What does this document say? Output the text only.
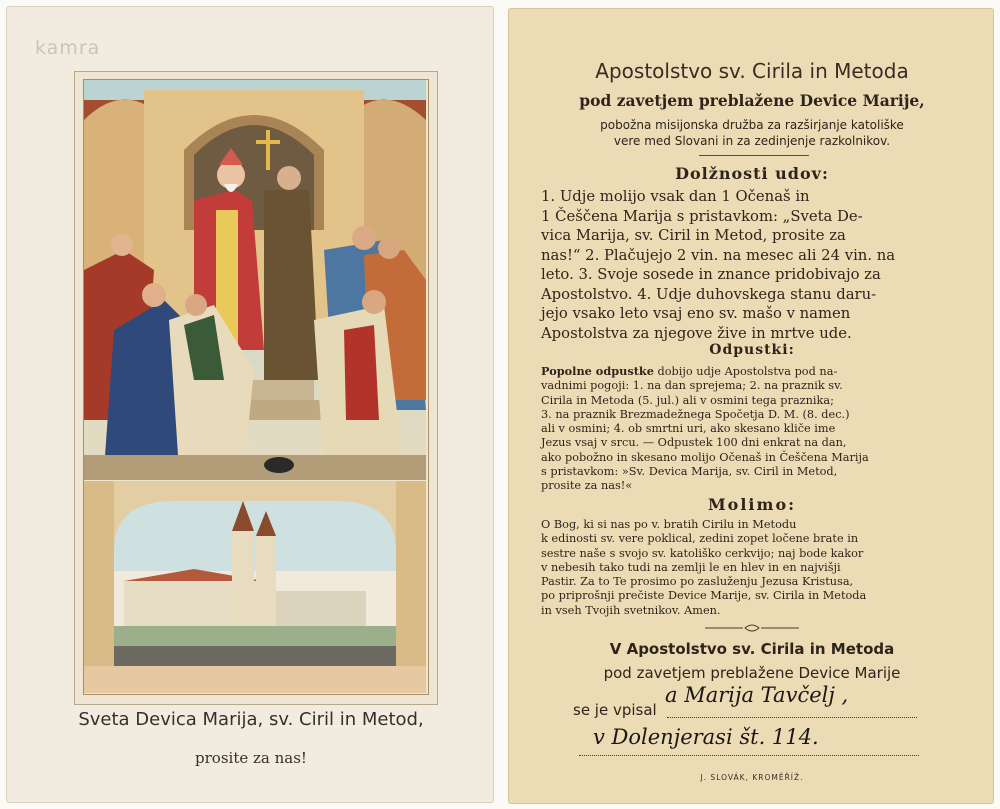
kamra
Sveta Devica Marija, sv. Ciril in Metod,
prosite za nas!
Apostolstvo sv. Cirila in Metoda
pod zavetjem preblažene Device Marije,
pobožna misijonska družba za razširjanje katoliške
vere med Slovani in za zedinjenje razkolnikov.
Dolžnosti udov:
1. Udje molijo vsak dan 1 Očenaš in
1 Češčena Marija s pristavkom: „Sveta De-
vica Marija, sv. Ciril in Metod, prosite za
nas!“ 2. Plačujejo 2 vin. na mesec ali 24 vin. na
leto. 3. Svoje sosede in znance pridobivajo za
Apostolstvo. 4. Udje duhovskega stanu daru-
jejo vsako leto vsaj eno sv. mašo v namen
Apostolstva za njegove žive in mrtve ude.
Odpustki:
Popolne odpustke dobijo udje Apostolstva pod na-
vadnimi pogoji: 1. na dan sprejema; 2. na praznik sv.
Cirila in Metoda (5. jul.) ali v osmini tega praznika;
3. na praznik Brezmadežnega Spočetja D. M. (8. dec.)
ali v osmini; 4. ob smrtni uri, ako skesano kliče ime
Jezus vsaj v srcu. — Odpustek 100 dni enkrat na dan,
ako pobožno in skesano molijo Očenaš in Češčena Marija
s pristavkom: »Sv. Devica Marija, sv. Ciril in Metod,
prosite za nas!«
Molimo:
O Bog, ki si nas po v. bratih Cirilu in Metodu
k edinosti sv. vere poklical, zedini zopet ločene brate in
sestre naše s svojo sv. katoliško cerkvijo; naj bode kakor
v nebesih tako tudi na zemlji le en hlev in en najvišji
Pastir. Za to Te prosimo po zasluženju Jezusa Kristusa,
po priprošnji prečiste Device Marije, sv. Cirila in Metoda
in vseh Tvojih svetnikov. Amen.
V Apostolstvo sv. Cirila in Metoda
pod zavetjem preblažene Device Marije
se je vpisal
a Marija Tavčelj ,
v Dolenjerasi št. 114.
J. SLOVÁK, KROMĚŘÍŽ.
